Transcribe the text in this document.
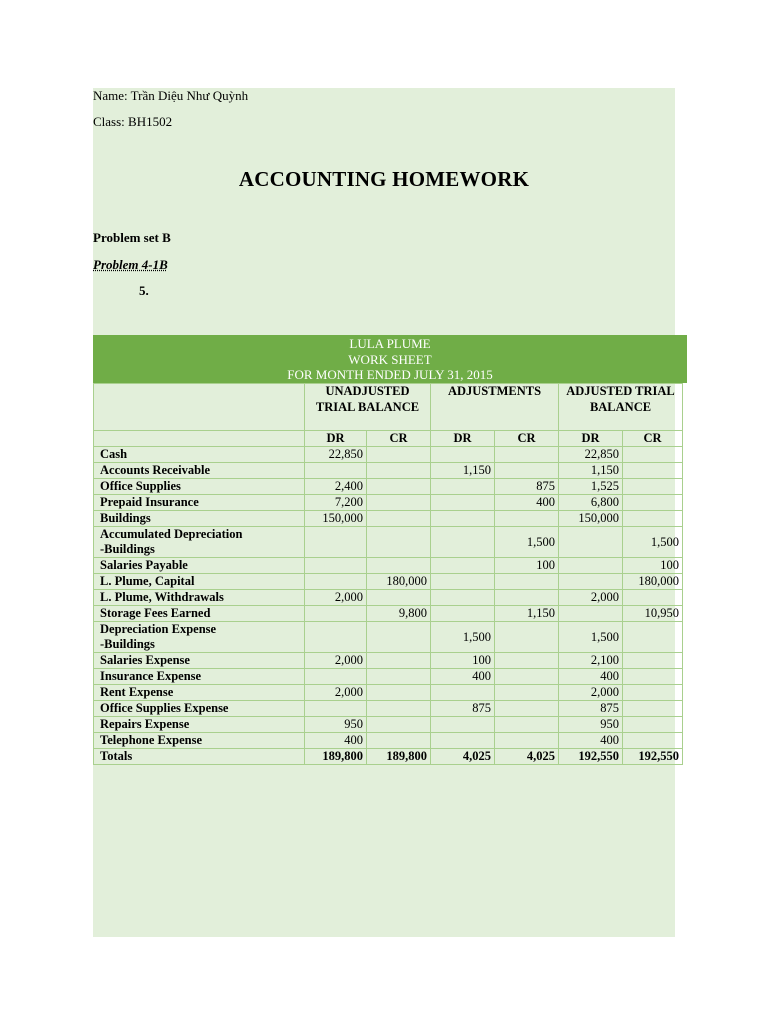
Name: Trần Diệu Như Quỳnh
Class: BH1502
ACCOUNTING HOMEWORK
Problem set B
Problem 4-1B
5.
LULA PLUME
WORK SHEET
FOR MONTH ENDED JULY 31, 2015
	UNADJUSTED TRIAL BALANCE		ADJUSTMENTS		ADJUSTED TRIAL BALANCE		
	DR	CR	DR	CR	DR	CR	
Cash	22,850				22,850		
Accounts Receivable			1,150		1,150		
Office Supplies	2,400			875	1,525		
Prepaid Insurance	7,200			400	6,800		
Buildings	150,000				150,000		
Accumulated Depreciation
-Buildings				1,500		1,500	
Salaries Payable				100		100	
L. Plume, Capital		180,000				180,000	
L. Plume, Withdrawals	2,000				2,000		
Storage Fees Earned		9,800		1,150		10,950	
Depreciation Expense
-Buildings			1,500		1,500		
Salaries Expense	2,000		100		2,100		
Insurance Expense			400		400		
Rent Expense	2,000				2,000		
Office Supplies Expense			875		875		
Repairs Expense	950				950		
Telephone Expense	400				400		
Totals	189,800	189,800	4,025	4,025	192,550	192,550	
